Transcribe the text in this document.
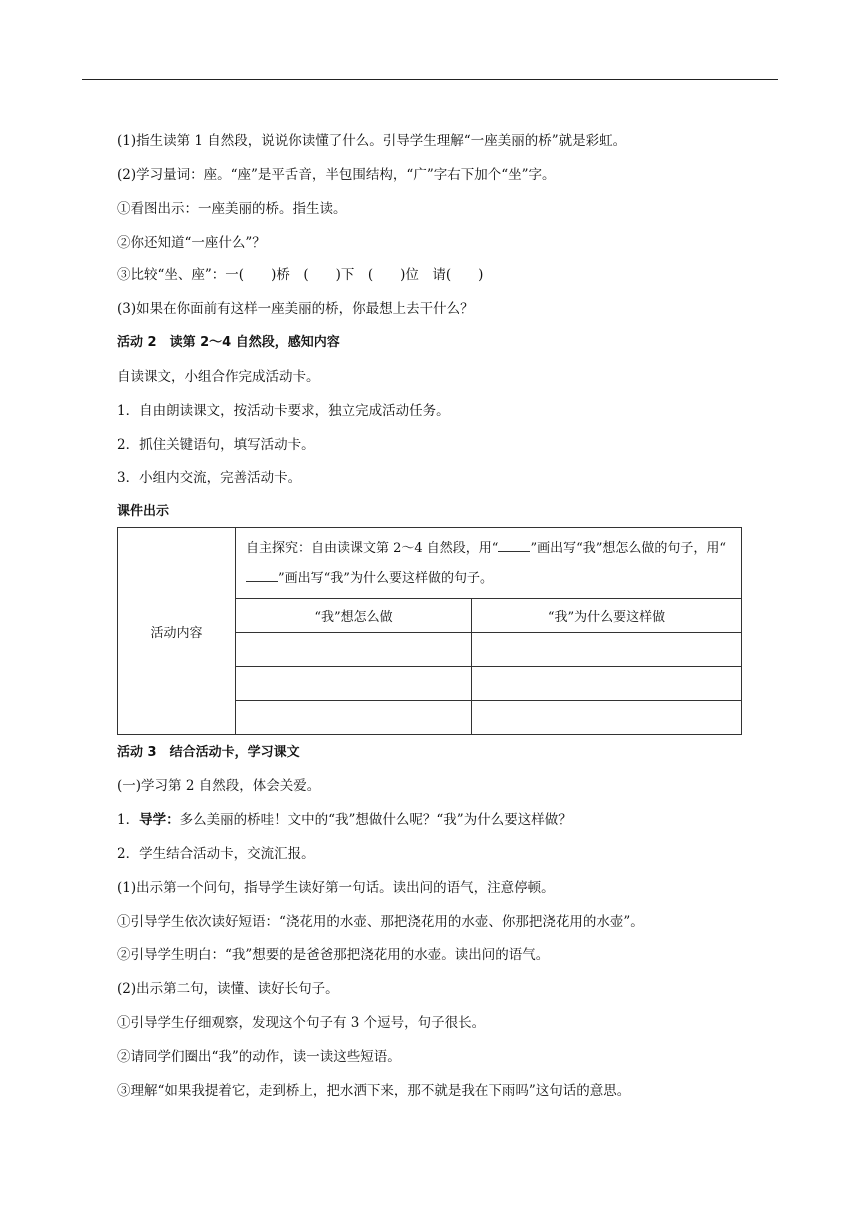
(1)指生读第 1 自然段，说说你读懂了什么。引导学生理解“一座美丽的桥”就是彩虹。
(2)学习量词：座。“座”是平舌音，半包围结构，“广”字右下加个“坐”字。
①看图出示：一座美丽的桥。指生读。
②你还知道“一座什么”？
③比较“坐、座”：一(　　)桥　(　　)下　(　　)位　请(　　)
(3)如果在你面前有这样一座美丽的桥，你最想上去干什么？
活动 2　读第 2～4 自然段，感知内容
自读课文，小组合作完成活动卡。
1．自由朗读课文，按活动卡要求，独立完成活动任务。
2．抓住关键语句，填写活动卡。
3．小组内交流，完善活动卡。
课件出示
活动内容	自主探究：自由读课文第 2～4 自然段，用“ ”画出写“我”想怎么做的句子，用“”画出写“我”为什么要这样做的句子。	
	“我”想怎么做	“我”为什么要这样做

活动 3　结合活动卡，学习课文
(一)学习第 2 自然段，体会关爱。
1．导学：多么美丽的桥哇！文中的“我”想做什么呢？“我”为什么要这样做？
2．学生结合活动卡，交流汇报。
(1)出示第一个问句，指导学生读好第一句话。读出问的语气，注意停顿。
①引导学生依次读好短语：“浇花用的水壶、那把浇花用的水壶、你那把浇花用的水壶”。
②引导学生明白：“我”想要的是爸爸那把浇花用的水壶。读出问的语气。
(2)出示第二句，读懂、读好长句子。
①引导学生仔细观察，发现这个句子有 3 个逗号，句子很长。
②请同学们圈出“我”的动作，读一读这些短语。
③理解“如果我提着它，走到桥上，把水洒下来，那不就是我在下雨吗”这句话的意思。
